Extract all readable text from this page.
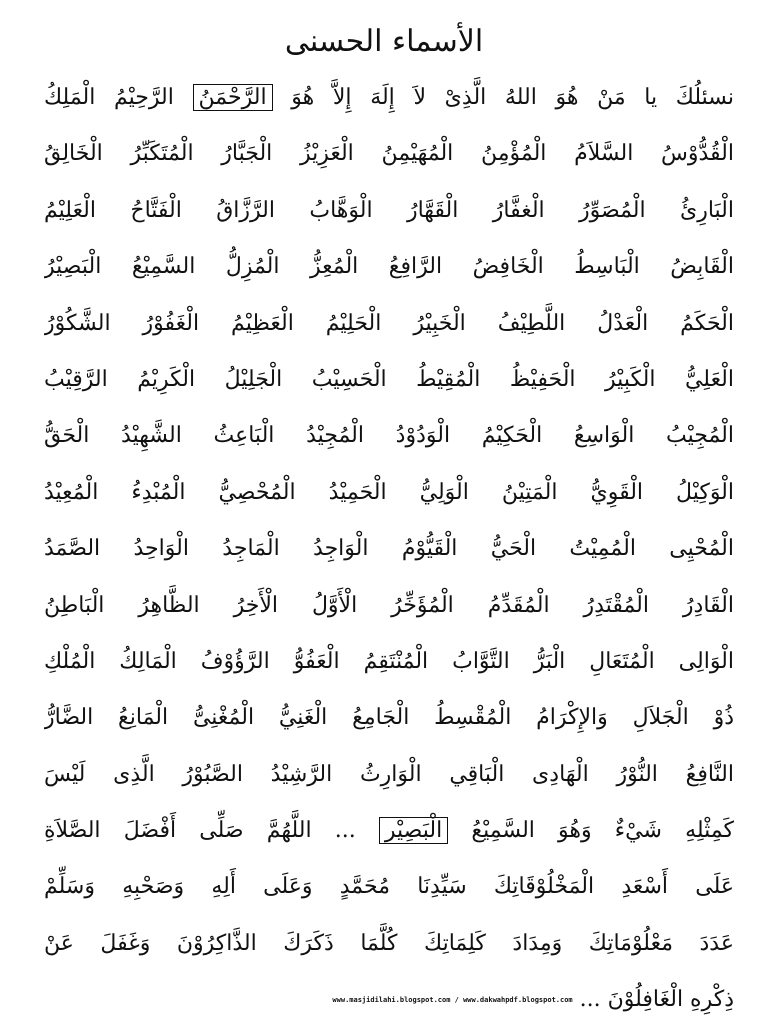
الأسماء الحسنى
نسئلُكَ يا مَنْ هُوَ اللهُ الَّذِىْ لاَ إِلَهَ إِلاَّ هُوَ الرَّحْمَنُ الرَّحِيْمُ الْمَلِكُ
الْقُدُّوْسُ السَّلاَمُ الْمُؤْمِنُ الْمُهَيْمِنُ الْعَزِيْزُ الْجَبَّارُ الْمُتَكَبِّرُ الْخَالِقُ
الْبَارِئُ الْمُصَوِّرُ الْغفَّارُ الْقَهَّارُ الْوَهَّابُ الرَّزَّاقُ الْفَتَّاحُ الْعَلِيْمُ
الْقَابِضُ الْبَاسِطُ الْخَافِضُ الرَّافِعُ الْمُعِزُّ الْمُزِلُّ السَّمِيْعُ الْبَصِيْرُ
الْحَكَمُ الْعَدْلُ اللَّطِيْفُ الْخَبِيْرُ الْحَلِيْمُ الْعَظِيْمُ الْغَفُوْرُ الشَّكُوْرُ
الْعَلِيُّ الْكَبِيْرُ الْحَفِيْظُ الْمُقِيْطُ الْحَسِيْبُ الْجَلِيْلُ الْكَرِيْمُ الرَّقِيْبُ
الْمُجِيْبُ الْوَاسِعُ الْحَكِيْمُ الْوَدُوْدُ الْمُجِيْدُ الْبَاعِثُ الشَّهِيْدُ الْحَقُّ
الْوَكِيْلُ الْقَوِيُّ الْمَتِيْنُ الْوَلِيُّ الْحَمِيْدُ الْمُحْصِيُّ الْمُبْدِءُ الْمُعِيْدُ
الْمُحْيِى الْمُمِيْتُ الْحَيُّ الْقَيُّوْمُ الْوَاجِدُ الْمَاجِدُ الْوَاحِدُ الصَّمَدُ
الْقَادِرُ الْمُقْتَدِرُ الْمُقَدِّمُ الْمُؤَخِّرُ الْأَوَّلُ الْأَخِرُ الظَّاهِرُ الْبَاطِنُ
الْوَالِى الْمُتَعَالِ الْبَرُّ التَّوَّابُ الْمُنْتَقِمُ الْعَفُوُّ الرَّؤُوْفُ الْمَالِكُ الْمُلْكِ
ذُوْ الْجَلاَلِ وَالإِكْرَامُ الْمُقْسِطُ الْجَامِعُ الْغَنِيُّ الْمُغْنِىُّ الْمَانِعُ الضَّارُّ
النَّافِعُ النُّوْرُ الْهَادِى الْبَاقِي الْوَارِثُ الرَّشِيْدُ الصَّبُوْرُ الَّذِى لَيْسَ
كَمِثْلِهِ شَيْءٌ وَهُوَ السَّمِيْعُ الْبَصِيْر ... اللَّهُمَّ صَلِّى أَفْضَلَ الصَّلاَةِ
عَلَى أَسْعَدِ الْمَخْلُوْقَاتِكَ سَيِّدِنَا مُحَمَّدٍ وَعَلَى أَلِهِ وَصَحْبِهِ وَسَلِّمْ
عَدَدَ مَعْلُوْمَاتِكَ وَمِدَادَ كَلِمَاتِكَ كُلَّمَا ذَكَرَكَ الذَّاكِرُوْنَ وَغَفَلَ عَنْ
ذِكْرِهِ الْغَافِلُوْنَ ... www.masjidilahi.blogspot.com / www.dakwahpdf.blogspot.com
